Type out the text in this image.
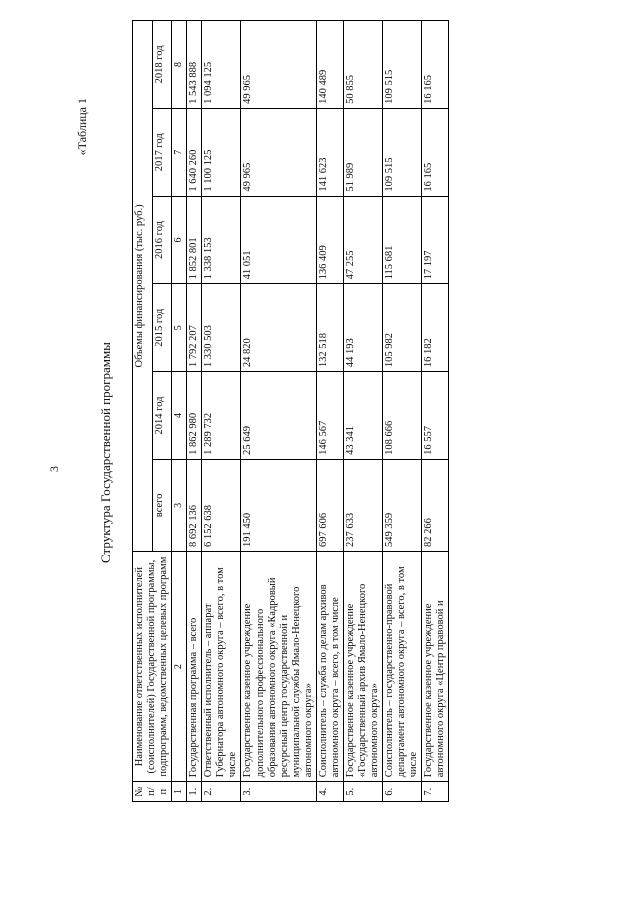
3
«Таблица 1
Структура Государственной программы
№ п/п	Наименование ответственных исполнителей (соисполнителей) Государственной программы, подпрограмм, ведомственных целевых программ	Объемы финансирования (тыс. руб.)					
		всего	2014 год	2015 год	2016 год	2017 год	2018 год
1	2	3	4	5	6	7	8
1.	Государственная программа – всего	8 692 136	1 862 980	1 792 207	1 852 801	1 640 260	1 543 888
2.	Ответственный исполнитель – аппарат Губернатора автономного округа – всего, в том числе	6 152 638	1 289 732	1 330 503	1 338 153	1 100 125	1 094 125
3.	Государственное казенное учреждение дополнительного профессионального образования автономного округа «Кадровый ресурсный центр государственной и муниципальной службы Ямало-Ненецкого автономного округа»	191 450	25 649	24 820	41 051	49 965	49 965
4.	Соисполнитель – служба по делам архивов автономного округа – всего, в том числе	697 606	146 567	132 518	136 409	141 623	140 489
5.	Государственное казенное учреждение «Государственный архив Ямало-Ненецкого автономного округа»	237 633	43 341	44 193	47 255	51 989	50 855
6.	Соисполнитель – государственно-правовой департамент автономного округа – всего, в том числе	549 359	108 666	105 982	115 681	109 515	109 515
7.	Государственное казенное учреждение автономного округа «Центр правовой и	82 266	16 557	16 182	17 197	16 165	16 165
